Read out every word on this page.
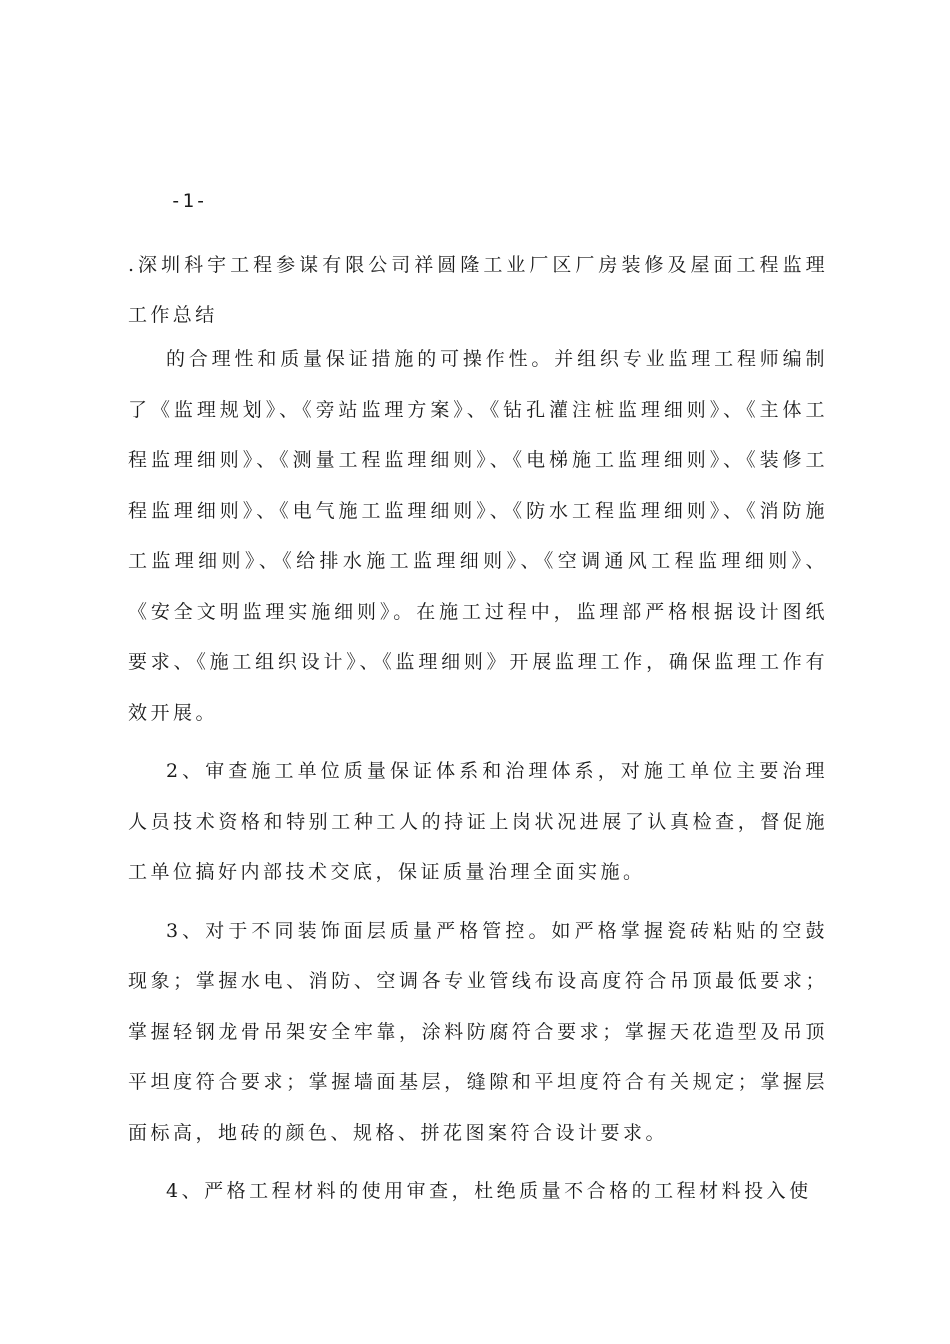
-1-
.深圳科宇工程参谋有限公司祥圆隆工业厂区厂房装修及屋面工程监理工作总结

的合理性和质量保证措施的可操作性。并组织专业监理工程师编制了《监理规划》、《旁站监理方案》、《钻孔灌注桩监理细则》、《主体工程监理细则》、《测量工程监理细则》、《电梯施工监理细则》、《装修工程监理细则》、《电气施工监理细则》、《防水工程监理细则》、《消防施工监理细则》、《给排水施工监理细则》、《空调通风工程监理细则》、《安全文明监理实施细则》。在施工过程中，监理部严格根据设计图纸要求、《施工组织设计》、《监理细则》开展监理工作，确保监理工作有效开展。

2、审查施工单位质量保证体系和治理体系，对施工单位主要治理人员技术资格和特别工种工人的持证上岗状况进展了认真检查，督促施工单位搞好内部技术交底，保证质量治理全面实施。

3、对于不同装饰面层质量严格管控。如严格掌握瓷砖粘贴的空鼓现象；掌握水电、消防、空调各专业管线布设高度符合吊顶最低要求；掌握轻钢龙骨吊架安全牢靠，涂料防腐符合要求；掌握天花造型及吊顶平坦度符合要求；掌握墙面基层，缝隙和平坦度符合有关规定；掌握层面标高，地砖的颜色、规格、拼花图案符合设计要求。

4、严格工程材料的使用审查，杜绝质量不合格的工程材料投入使
